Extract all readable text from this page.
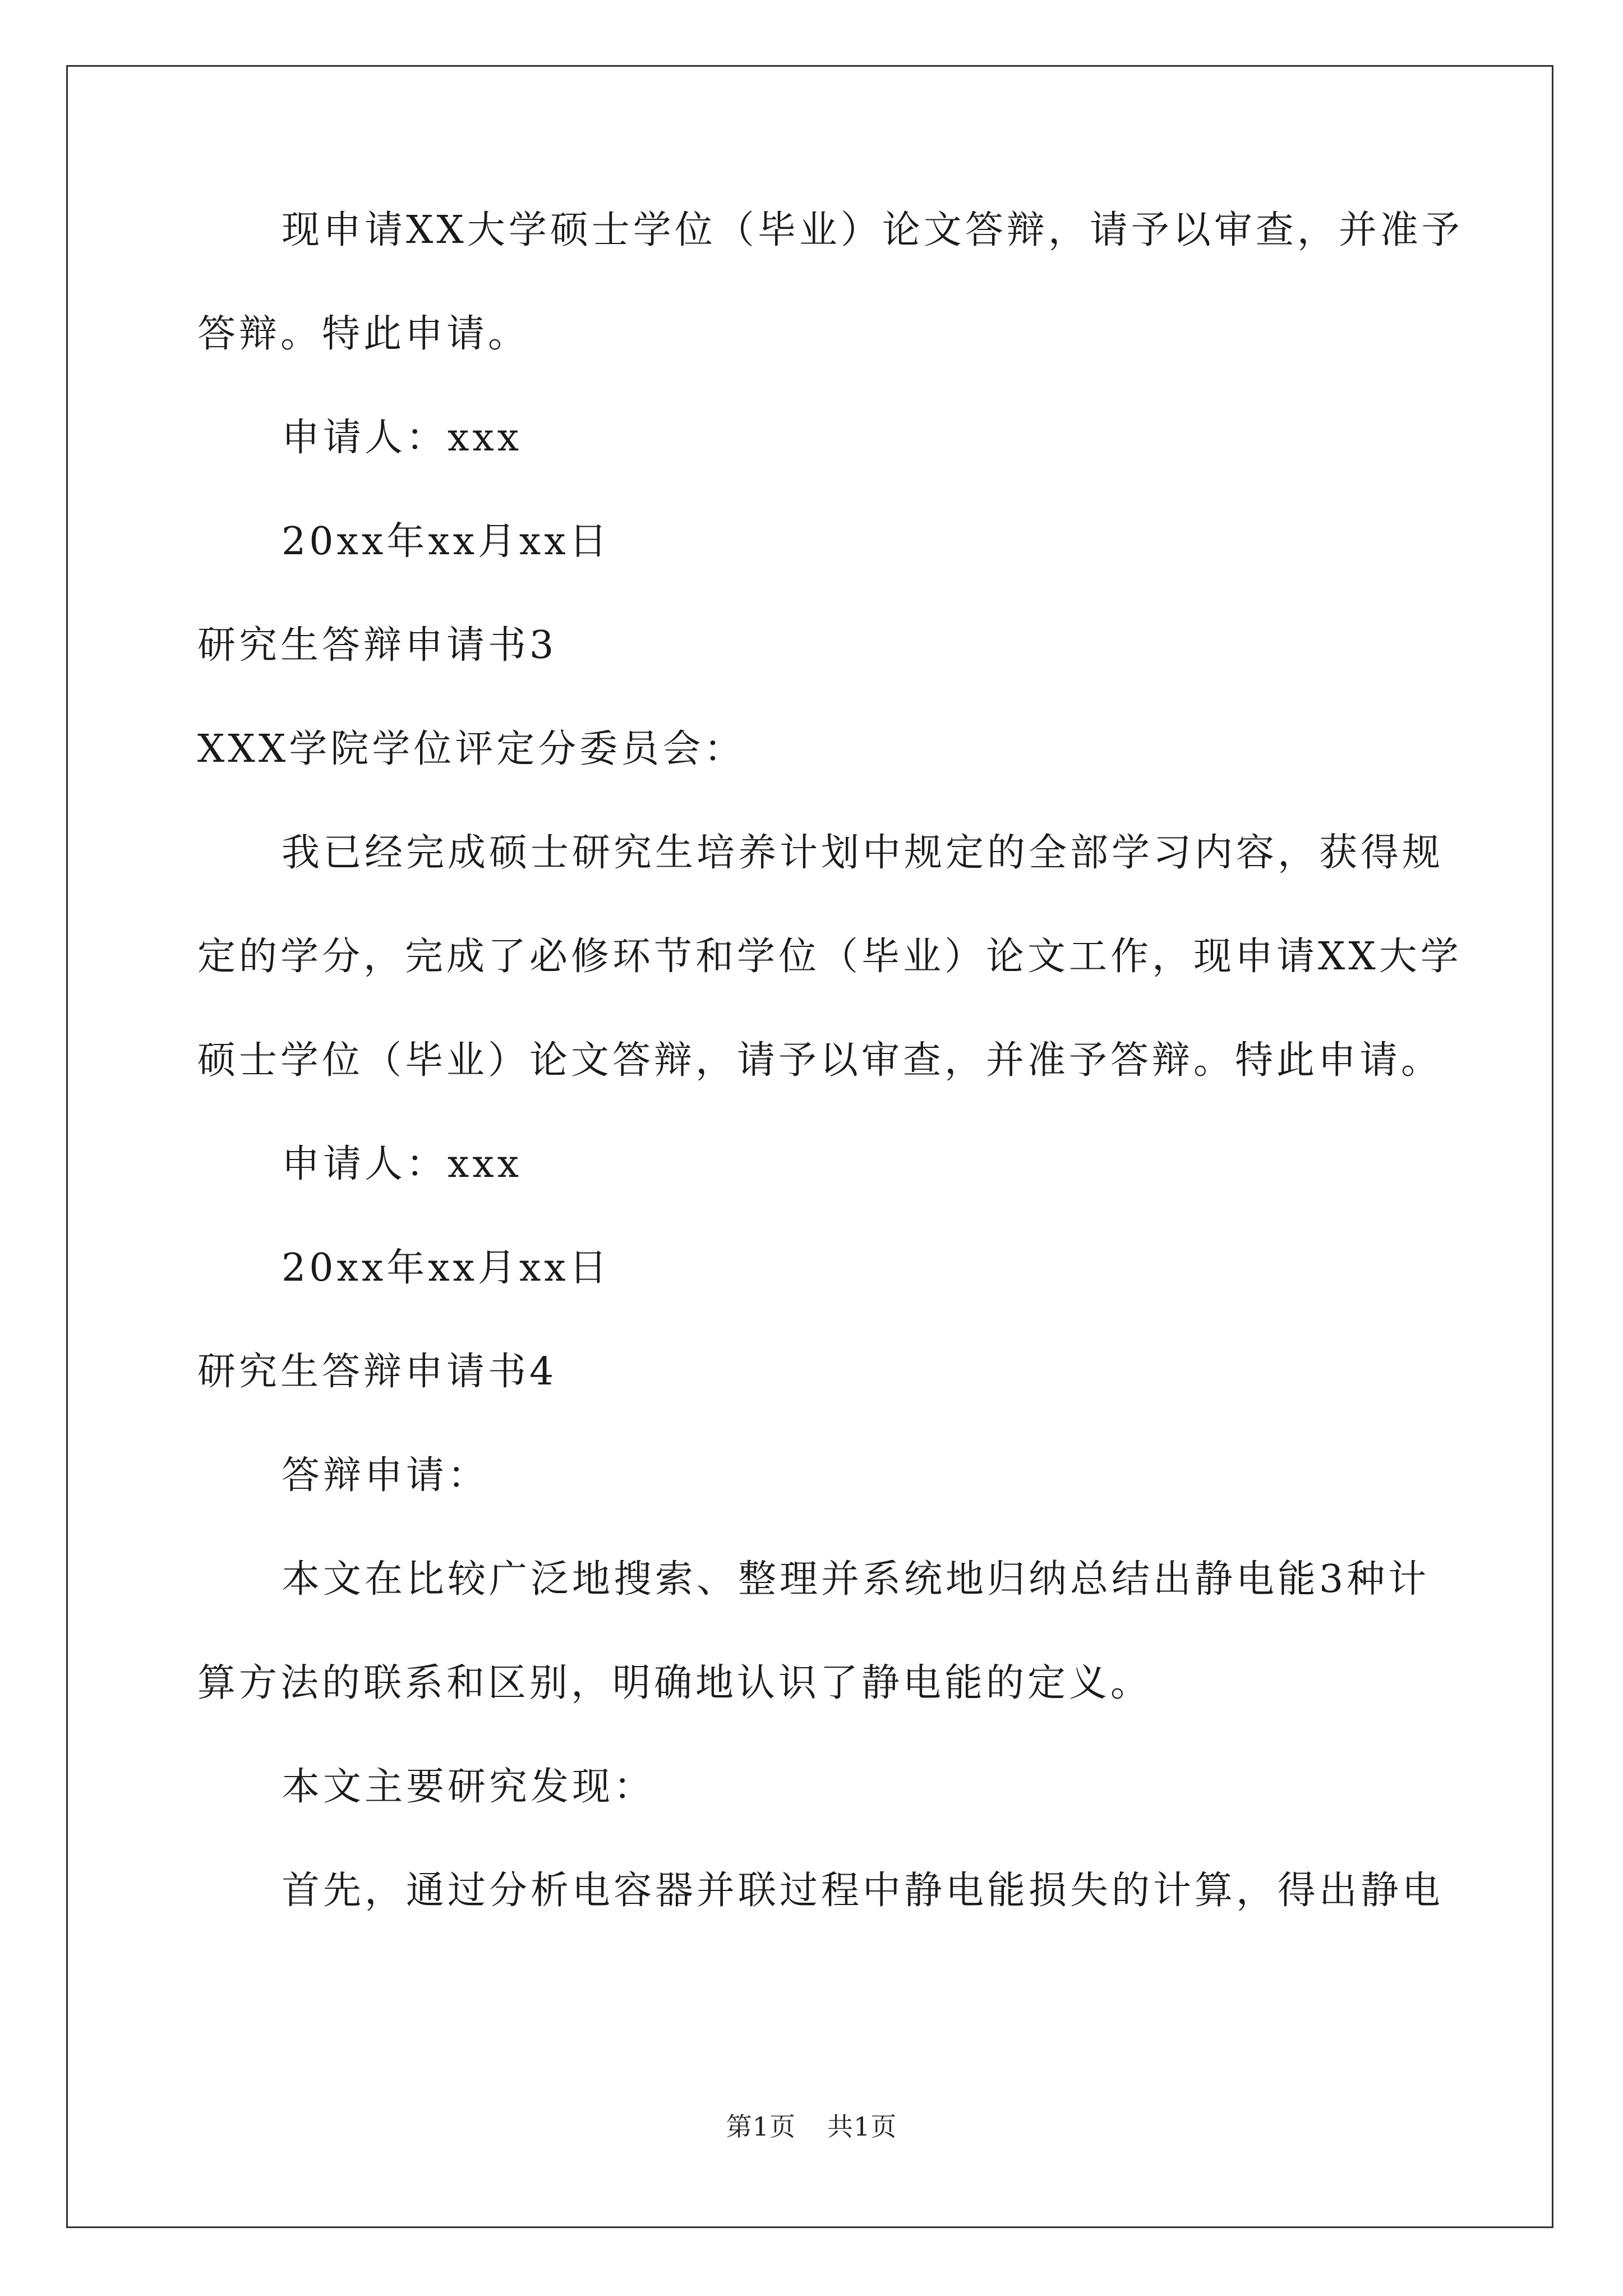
现申请XX大学硕士学位（毕业）论文答辩，请予以审查，并准予

答辩。特此申请。

申请人：xxx

20xx年xx月xx日

研究生答辩申请书3

XXX学院学位评定分委员会：

我已经完成硕士研究生培养计划中规定的全部学习内容，获得规

定的学分，完成了必修环节和学位（毕业）论文工作，现申请XX大学

硕士学位（毕业）论文答辩，请予以审查，并准予答辩。特此申请。

申请人：xxx

20xx年xx月xx日

研究生答辩申请书4

答辩申请：

本文在比较广泛地搜索、整理并系统地归纳总结出静电能3种计

算方法的联系和区别，明确地认识了静电能的定义。

本文主要研究发现：

首先，通过分析电容器并联过程中静电能损失的计算，得出静电

第1页 共1页
